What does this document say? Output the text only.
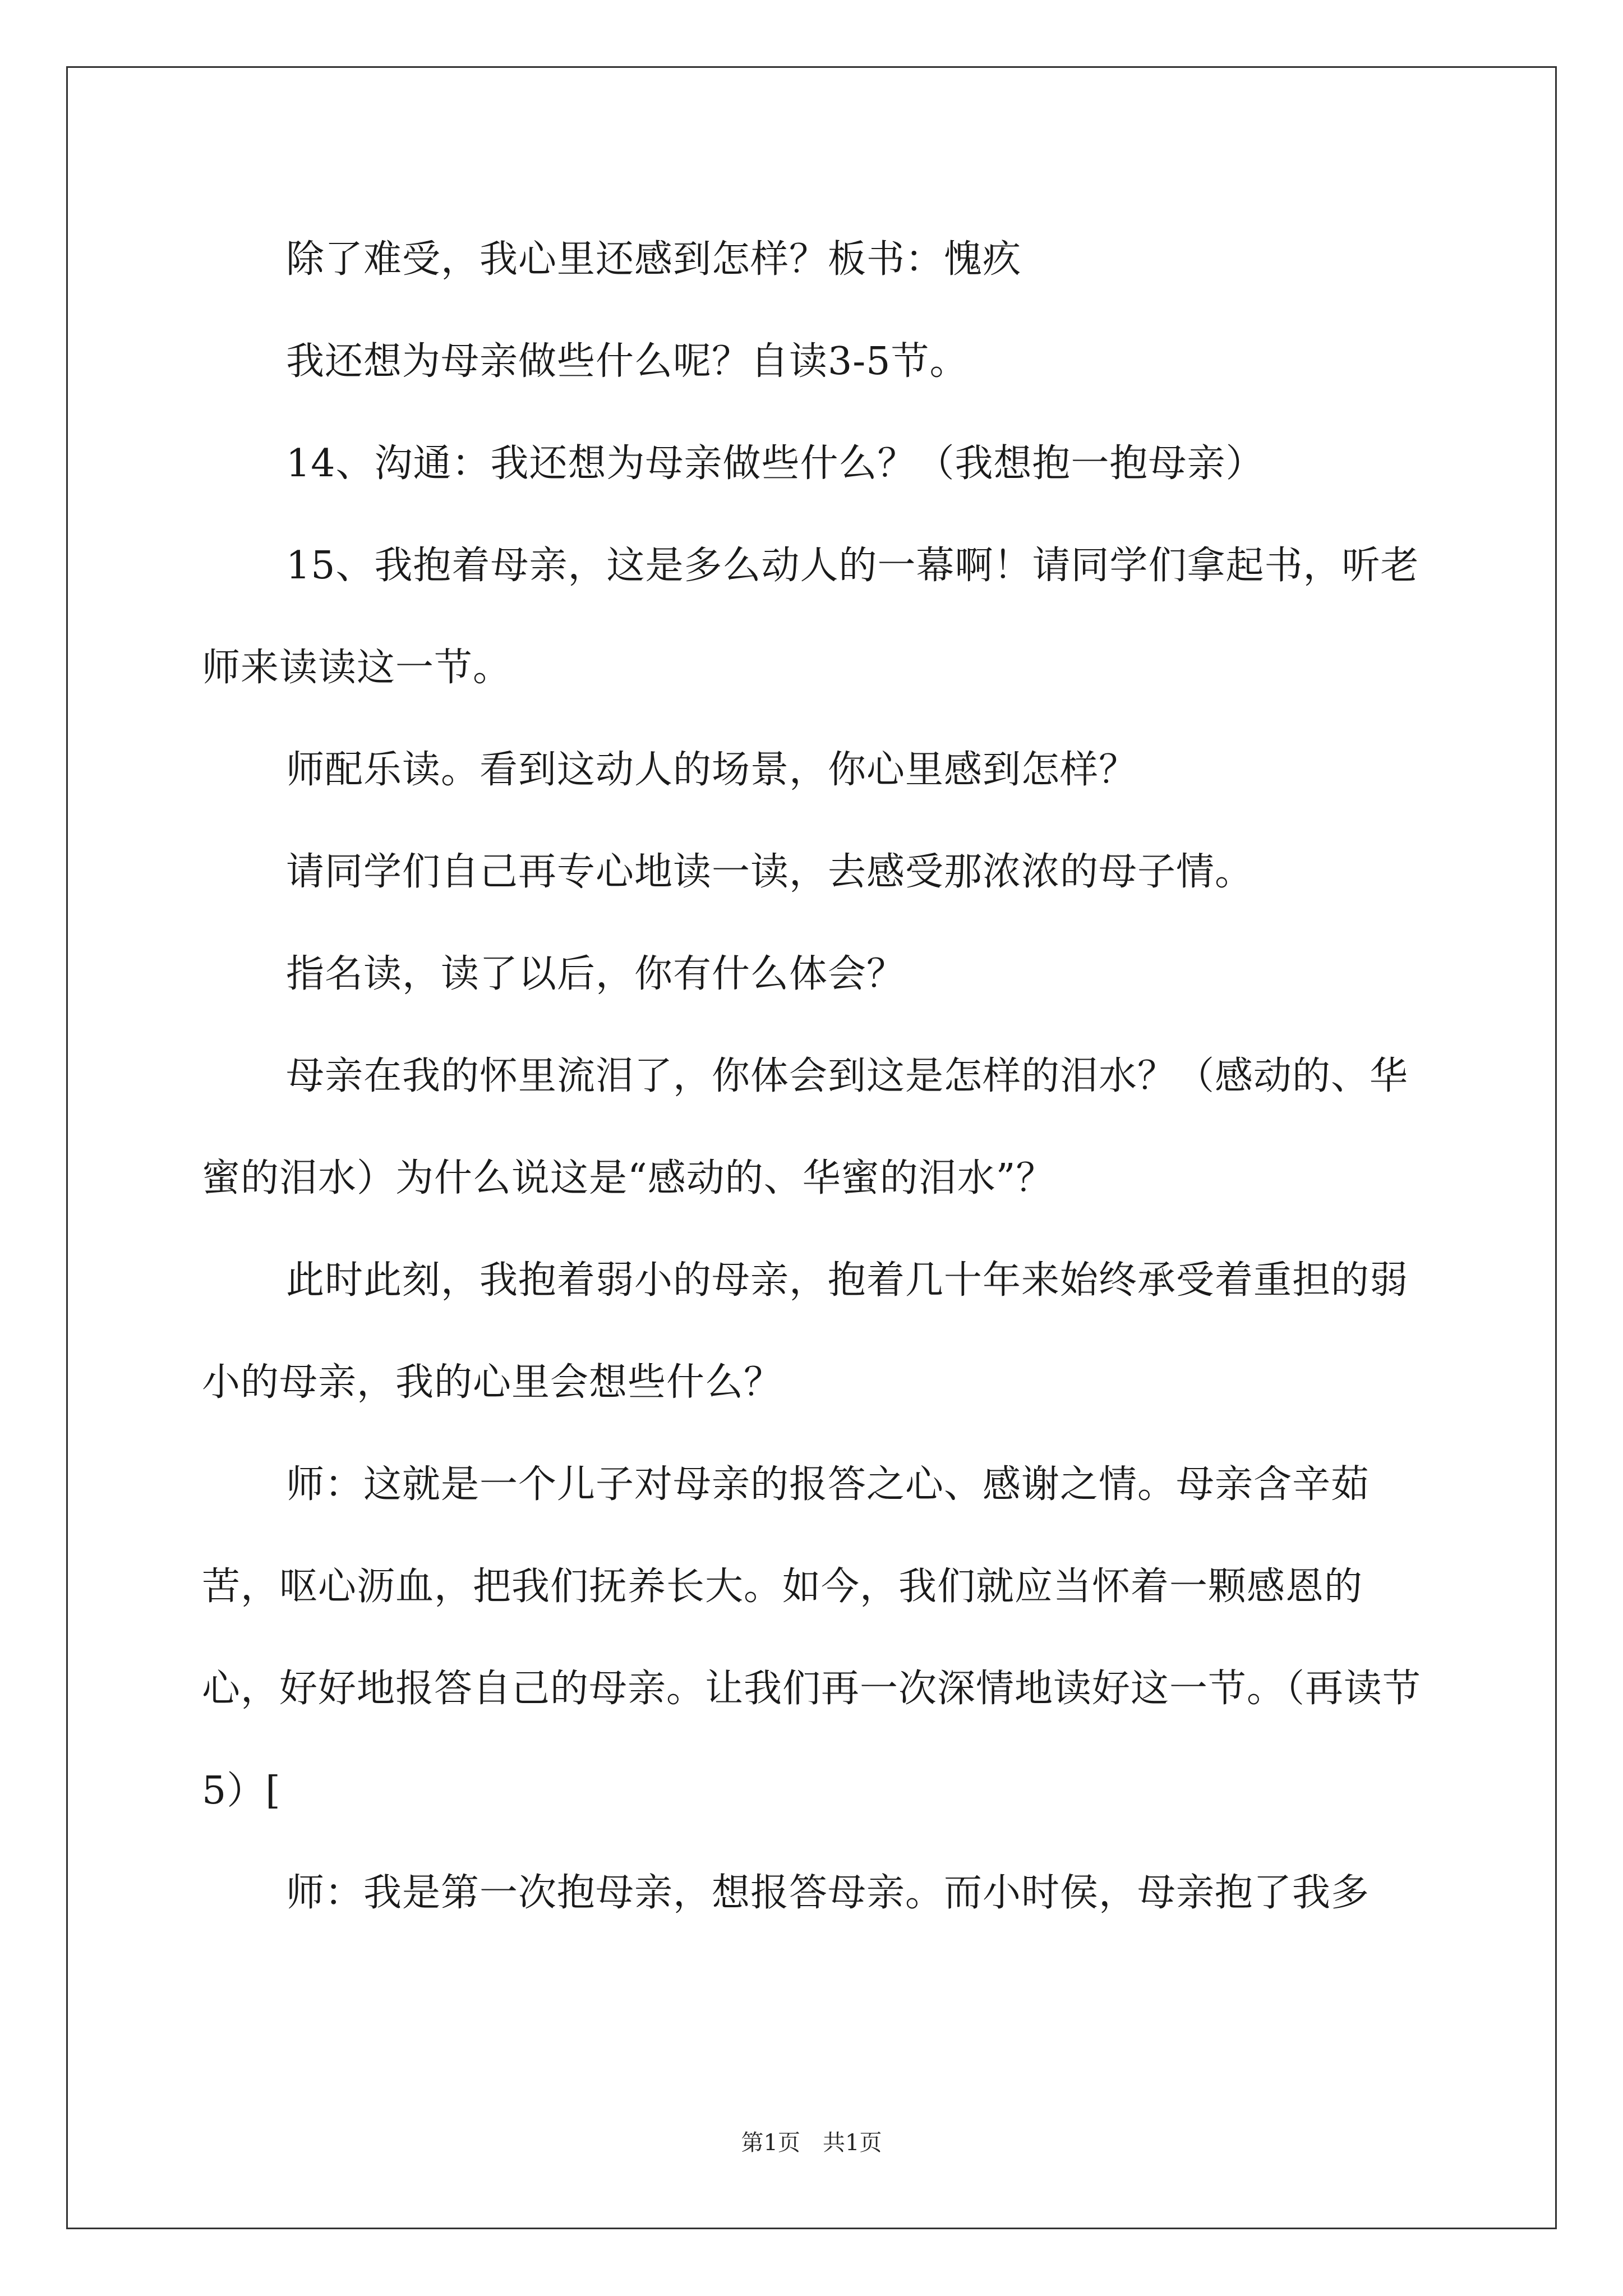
除了难受，我心里还感到怎样？板书：愧疚

我还想为母亲做些什么呢？自读3-5节。

14、沟通：我还想为母亲做些什么？（我想抱一抱母亲）

15、我抱着母亲，这是多么动人的一幕啊！请同学们拿起书，听老师来读读这一节。

师配乐读。看到这动人的场景，你心里感到怎样？

请同学们自己再专心地读一读，去感受那浓浓的母子情。

指名读，读了以后，你有什么体会？

母亲在我的怀里流泪了，你体会到这是怎样的泪水？（感动的、华蜜的泪水）为什么说这是“感动的、华蜜的泪水”？

此时此刻，我抱着弱小的母亲，抱着几十年来始终承受着重担的弱小的母亲，我的心里会想些什么？

师：这就是一个儿子对母亲的报答之心、感谢之情。母亲含辛茹苦，呕心沥血，把我们抚养长大。如今，我们就应当怀着一颗感恩的心，好好地报答自己的母亲。让我们再一次深情地读好这一节。（再读节5）[

师：我是第一次抱母亲，想报答母亲。而小时侯，母亲抱了我多

第1页　共1页
